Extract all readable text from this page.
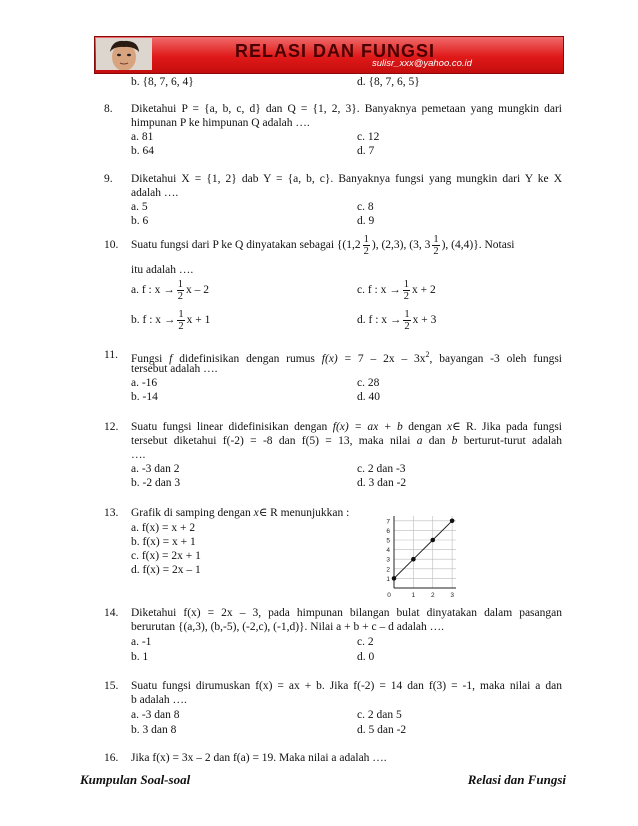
RELASI DAN FUNGSI
sulisr_xxx@yahoo.co.id
b. {8, 7, 6, 4}	d. {8, 7, 6, 5}
8. Diketahui P = {a, b, c, d} dan Q = {1, 2, 3}. Banyaknya pemetaan yang mungkin dari
himpunan P ke himpunan Q adalah ….
a. 81	c. 12
b. 64	d. 7
9. Diketahui X = {1, 2} dab Y = {a, b, c}. Banyaknya fungsi yang mungkin dari Y ke X
adalah ….
a. 5	c. 8
b. 6	d. 9
10. Suatu fungsi dari P ke Q dinyatakan sebagai {($1,2 \frac{1}{2}$ ), (2,3), (3, $3 \frac{1}{2}$ ), (4,4)}. Notasi
itu adalah ….
a. f : $x \to \frac{1}{2}$ x – 2	c. f : $x \to \frac{1}{2}$ x + 2
b. f : $x \to \frac{1}{2}$ x + 1	d. f : $x \to \frac{1}{2}$ x + 3
11. Fungsi f didefinisikan dengan rumus $f(x) = 7 - 2x - 3x^2$, bayangan -3 oleh fungsi
tersebut adalah ….
a. -16	c. 28
b. -14	d. 40
12. Suatu fungsi linear didefinisikan dengan f(x) = ax + b dengan x∈ R. Jika pada fungsi
tersebut diketahui f(-2) = -8 dan f(5) = 13, maka nilai a dan b berturut-turut adalah
….
a. -3 dan 2	c. 2 dan -3
b. -2 dan 3	d. 3 dan -2
13. Grafik di samping dengan x∈ R menunjukkan :
a. f(x) = x + 2
b. f(x) = x + 1
c. f(x) = 2x + 1
d. f(x) = 2x – 1
1
2
3
4
5
6
7
0	1 2 3
14. Diketahui f(x) = 2x – 3, pada himpunan bilangan bulat dinyatakan dalam pasangan
berurutan {(a,3), (b,-5), (-2,c), (-1,d)}. Nilai a + b + c – d adalah ….
a. -1	c. 2
b. 1	d. 0
15. Suatu fungsi dirumuskan f(x) = ax + b. Jika f(-2) = 14 dan f(3) = -1, maka nilai a dan
b adalah ….
a. -3 dan 8	c. 2 dan 5
b. 3 dan 8	d. 5 dan -2
16. Jika f(x) = 3x – 2 dan f(a) = 19. Maka nilai a adalah ….
Kumpulan Soal-soal	Relasi dan Fungsi
